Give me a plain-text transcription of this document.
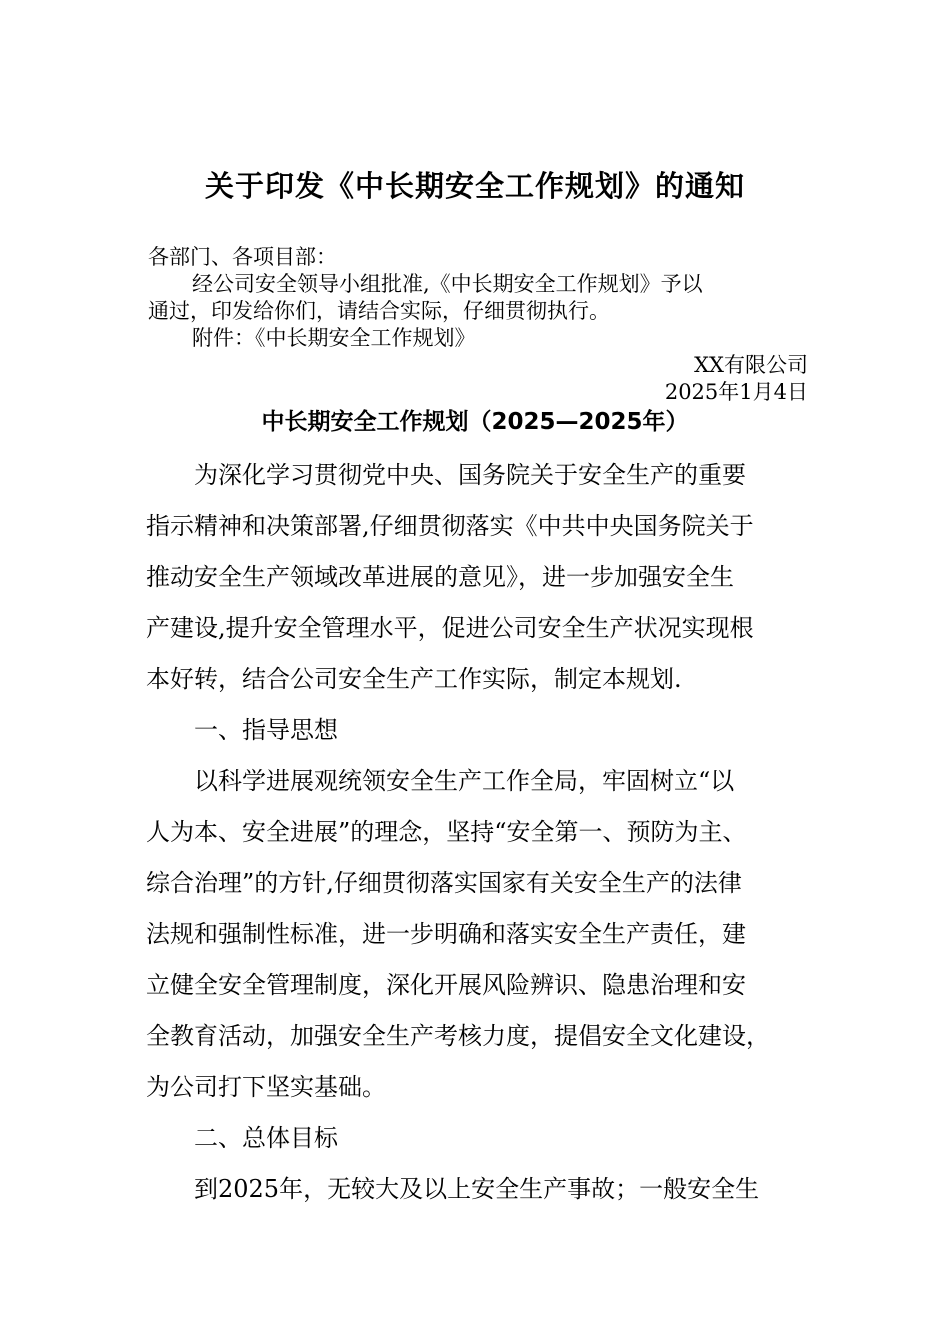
关于印发《中长期安全工作规划》的通知

各部门、各项目部：

经公司安全领导小组批准,《中长期安全工作规划》予以

通过，印发给你们，请结合实际，仔细贯彻执行。

附件：《中长期安全工作规划》

XX有限公司

2025年1月4日

中长期安全工作规划（2025—2025年）

　　为深化学习贯彻党中央、国务院关于安全生产的重要

指示精神和决策部署,仔细贯彻落实《中共中央国务院关于

推动安全生产领域改革进展的意见》，进一步加强安全生

产建设,提升安全管理水平，促进公司安全生产状况实现根

本好转，结合公司安全生产工作实际，制定本规划.

　　一、指导思想

　　以科学进展观统领安全生产工作全局，牢固树立“以

人为本、安全进展”的理念，坚持“安全第一、预防为主、

综合治理”的方针,仔细贯彻落实国家有关安全生产的法律

法规和强制性标准，进一步明确和落实安全生产责任，建

立健全安全管理制度，深化开展风险辨识、隐患治理和安

全教育活动，加强安全生产考核力度，提倡安全文化建设，

为公司打下坚实基础。

　　二、总体目标

　　到2025年，无较大及以上安全生产事故；一般安全生
